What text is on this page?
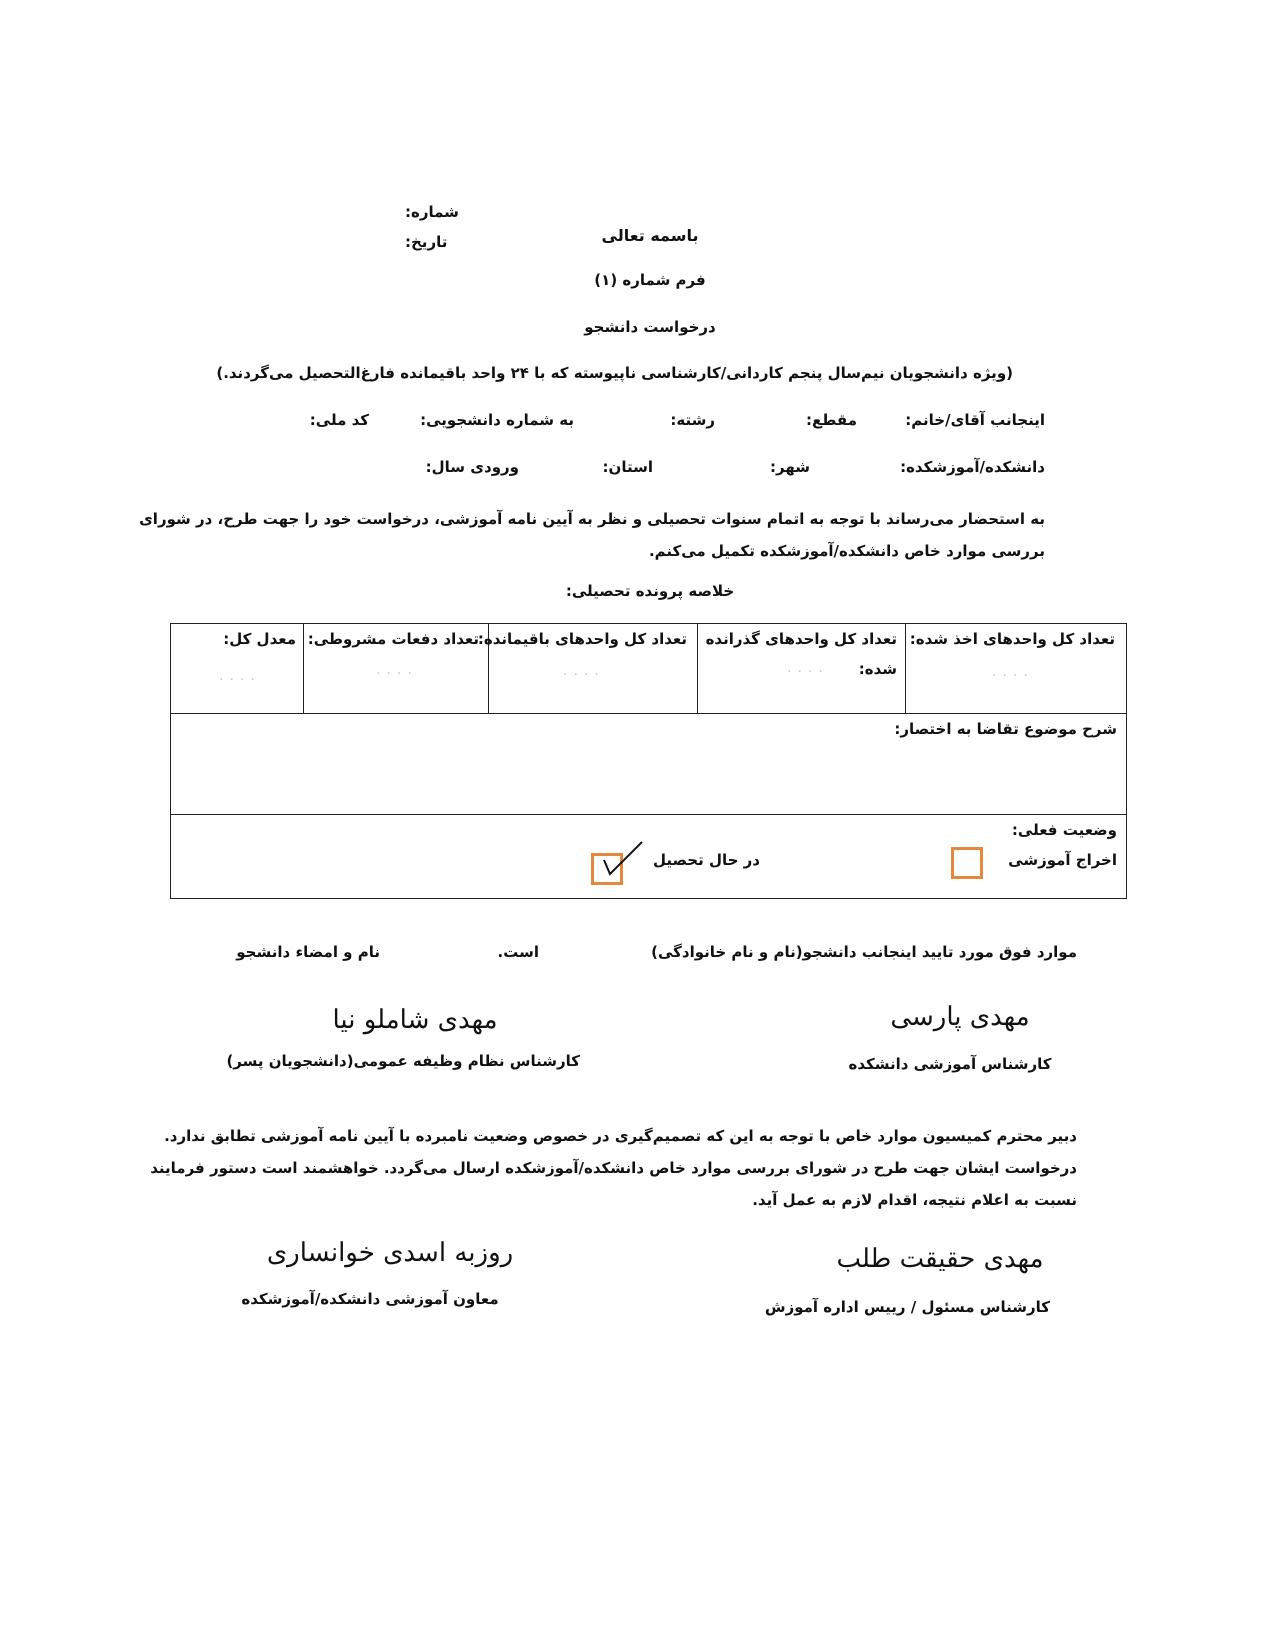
شماره:
تاریخ:	باسمه تعالی
فرم شماره (۱)
درخواست دانشجو
(ویژه دانشجویان نیم‌سال پنجم کاردانی/کارشناسی ناپیوسته که با ۲۴ واحد باقیمانده فارغ‌التحصیل می‌گردند.)
اینجانب آقای/خانم:
مقطع:
رشته:
به شماره دانشجویی:
کد ملی:
دانشکده/آموزشکده:
شهر:
استان:
ورودی سال:
به استحضار می‌رساند با توجه به اتمام سنوات تحصیلی و نظر به آیین نامه آموزشی، درخواست خود را جهت طرح، در شورای
بررسی موارد خاص دانشکده/آموزشکده تکمیل می‌کنم.
خلاصه پرونده تحصیلی:
تعداد کل واحدهای اخذ شده:
....
تعداد کل واحدهای گذرانده
شده:
....
تعداد کل واحدهای باقیمانده:
....
تعداد دفعات مشروطی:
....
معدل کل:
....
شرح موضوع تقاضا به اختصار:
وضعیت فعلی:
اخراج آموزشی
در حال تحصیل
موارد فوق مورد تایید اینجانب دانشجو(نام و نام خانوادگی)
است.
نام و امضاء دانشجو
مهدی پارسی
کارشناس آموزشی دانشکده
مهدی شاملو نیا
کارشناس نظام وظیفه عمومی(دانشجویان پسر)
دبیر محترم کمیسیون موارد خاص با توجه به این که تصمیم‌گیری در خصوص وضعیت نامبرده با آیین نامه آموزشی تطابق ندارد.
درخواست ایشان جهت طرح در شورای بررسی موارد خاص دانشکده/آموزشکده ارسال می‌گردد. خواهشمند است دستور فرمایند
نسبت به اعلام نتیجه، اقدام لازم به عمل آید.
مهدی حقیقت طلب
کارشناس مسئول / رییس اداره آموزش
روزبه اسدی خوانساری
معاون آموزشی دانشکده/آموزشکده
